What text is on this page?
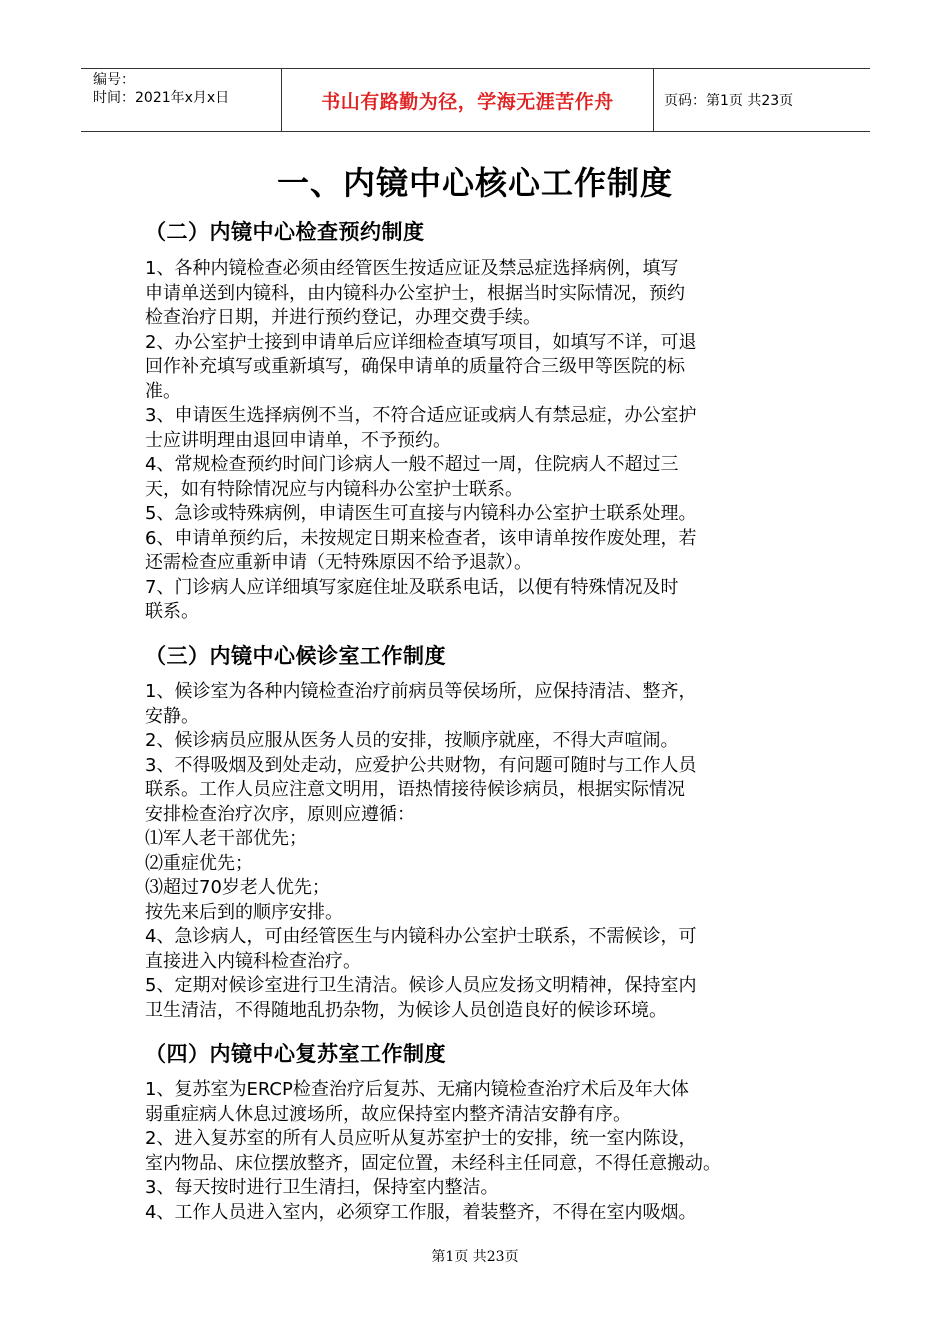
编号：
时间：2021年x月x日	书山有路勤为径，学海无涯苦作舟	页码：第1页 共23页
一、内镜中心核心工作制度
（二）内镜中心检查预约制度
1、各种内镜检查必须由经管医生按适应证及禁忌症选择病例，填写
申请单送到内镜科，由内镜科办公室护士，根据当时实际情况，预约
检查治疗日期，并进行预约登记，办理交费手续。
2、办公室护士接到申请单后应详细检查填写项目，如填写不详，可退
回作补充填写或重新填写，确保申请单的质量符合三级甲等医院的标
准。
3、申请医生选择病例不当，不符合适应证或病人有禁忌症，办公室护
士应讲明理由退回申请单，不予预约。
4、常规检查预约时间门诊病人一般不超过一周，住院病人不超过三
天，如有特除情况应与内镜科办公室护士联系。
5、急诊或特殊病例，申请医生可直接与内镜科办公室护士联系处理。
6、申请单预约后，未按规定日期来检查者，该申请单按作废处理，若
还需检查应重新申请（无特殊原因不给予退款）。
7、门诊病人应详细填写家庭住址及联系电话，以便有特殊情况及时
联系。
（三）内镜中心候诊室工作制度
1、候诊室为各种内镜检查治疗前病员等侯场所，应保持清洁、整齐，
安静。
2、候诊病员应服从医务人员的安排，按顺序就座，不得大声喧闹。
3、不得吸烟及到处走动，应爱护公共财物，有问题可随时与工作人员
联系。工作人员应注意文明用，语热情接待候诊病员，根据实际情况
安排检查治疗次序，原则应遵循：
⑴军人老干部优先；
⑵重症优先；
⑶超过70岁老人优先；
按先来后到的顺序安排。
4、急诊病人，可由经管医生与内镜科办公室护士联系，不需候诊，可
直接进入内镜科检查治疗。
5、定期对候诊室进行卫生清洁。候诊人员应发扬文明精神，保持室内
卫生清洁，不得随地乱扔杂物，为候诊人员创造良好的候诊环境。
（四）内镜中心复苏室工作制度
1、复苏室为ERCP检查治疗后复苏、无痛内镜检查治疗术后及年大体
弱重症病人休息过渡场所，故应保持室内整齐清洁安静有序。
2、进入复苏室的所有人员应听从复苏室护士的安排，统一室内陈设，
室内物品、床位摆放整齐，固定位置，未经科主任同意，不得任意搬动。
3、每天按时进行卫生清扫，保持室内整洁。
4、工作人员进入室内，必须穿工作服，着装整齐，不得在室内吸烟。
第1页 共23页
